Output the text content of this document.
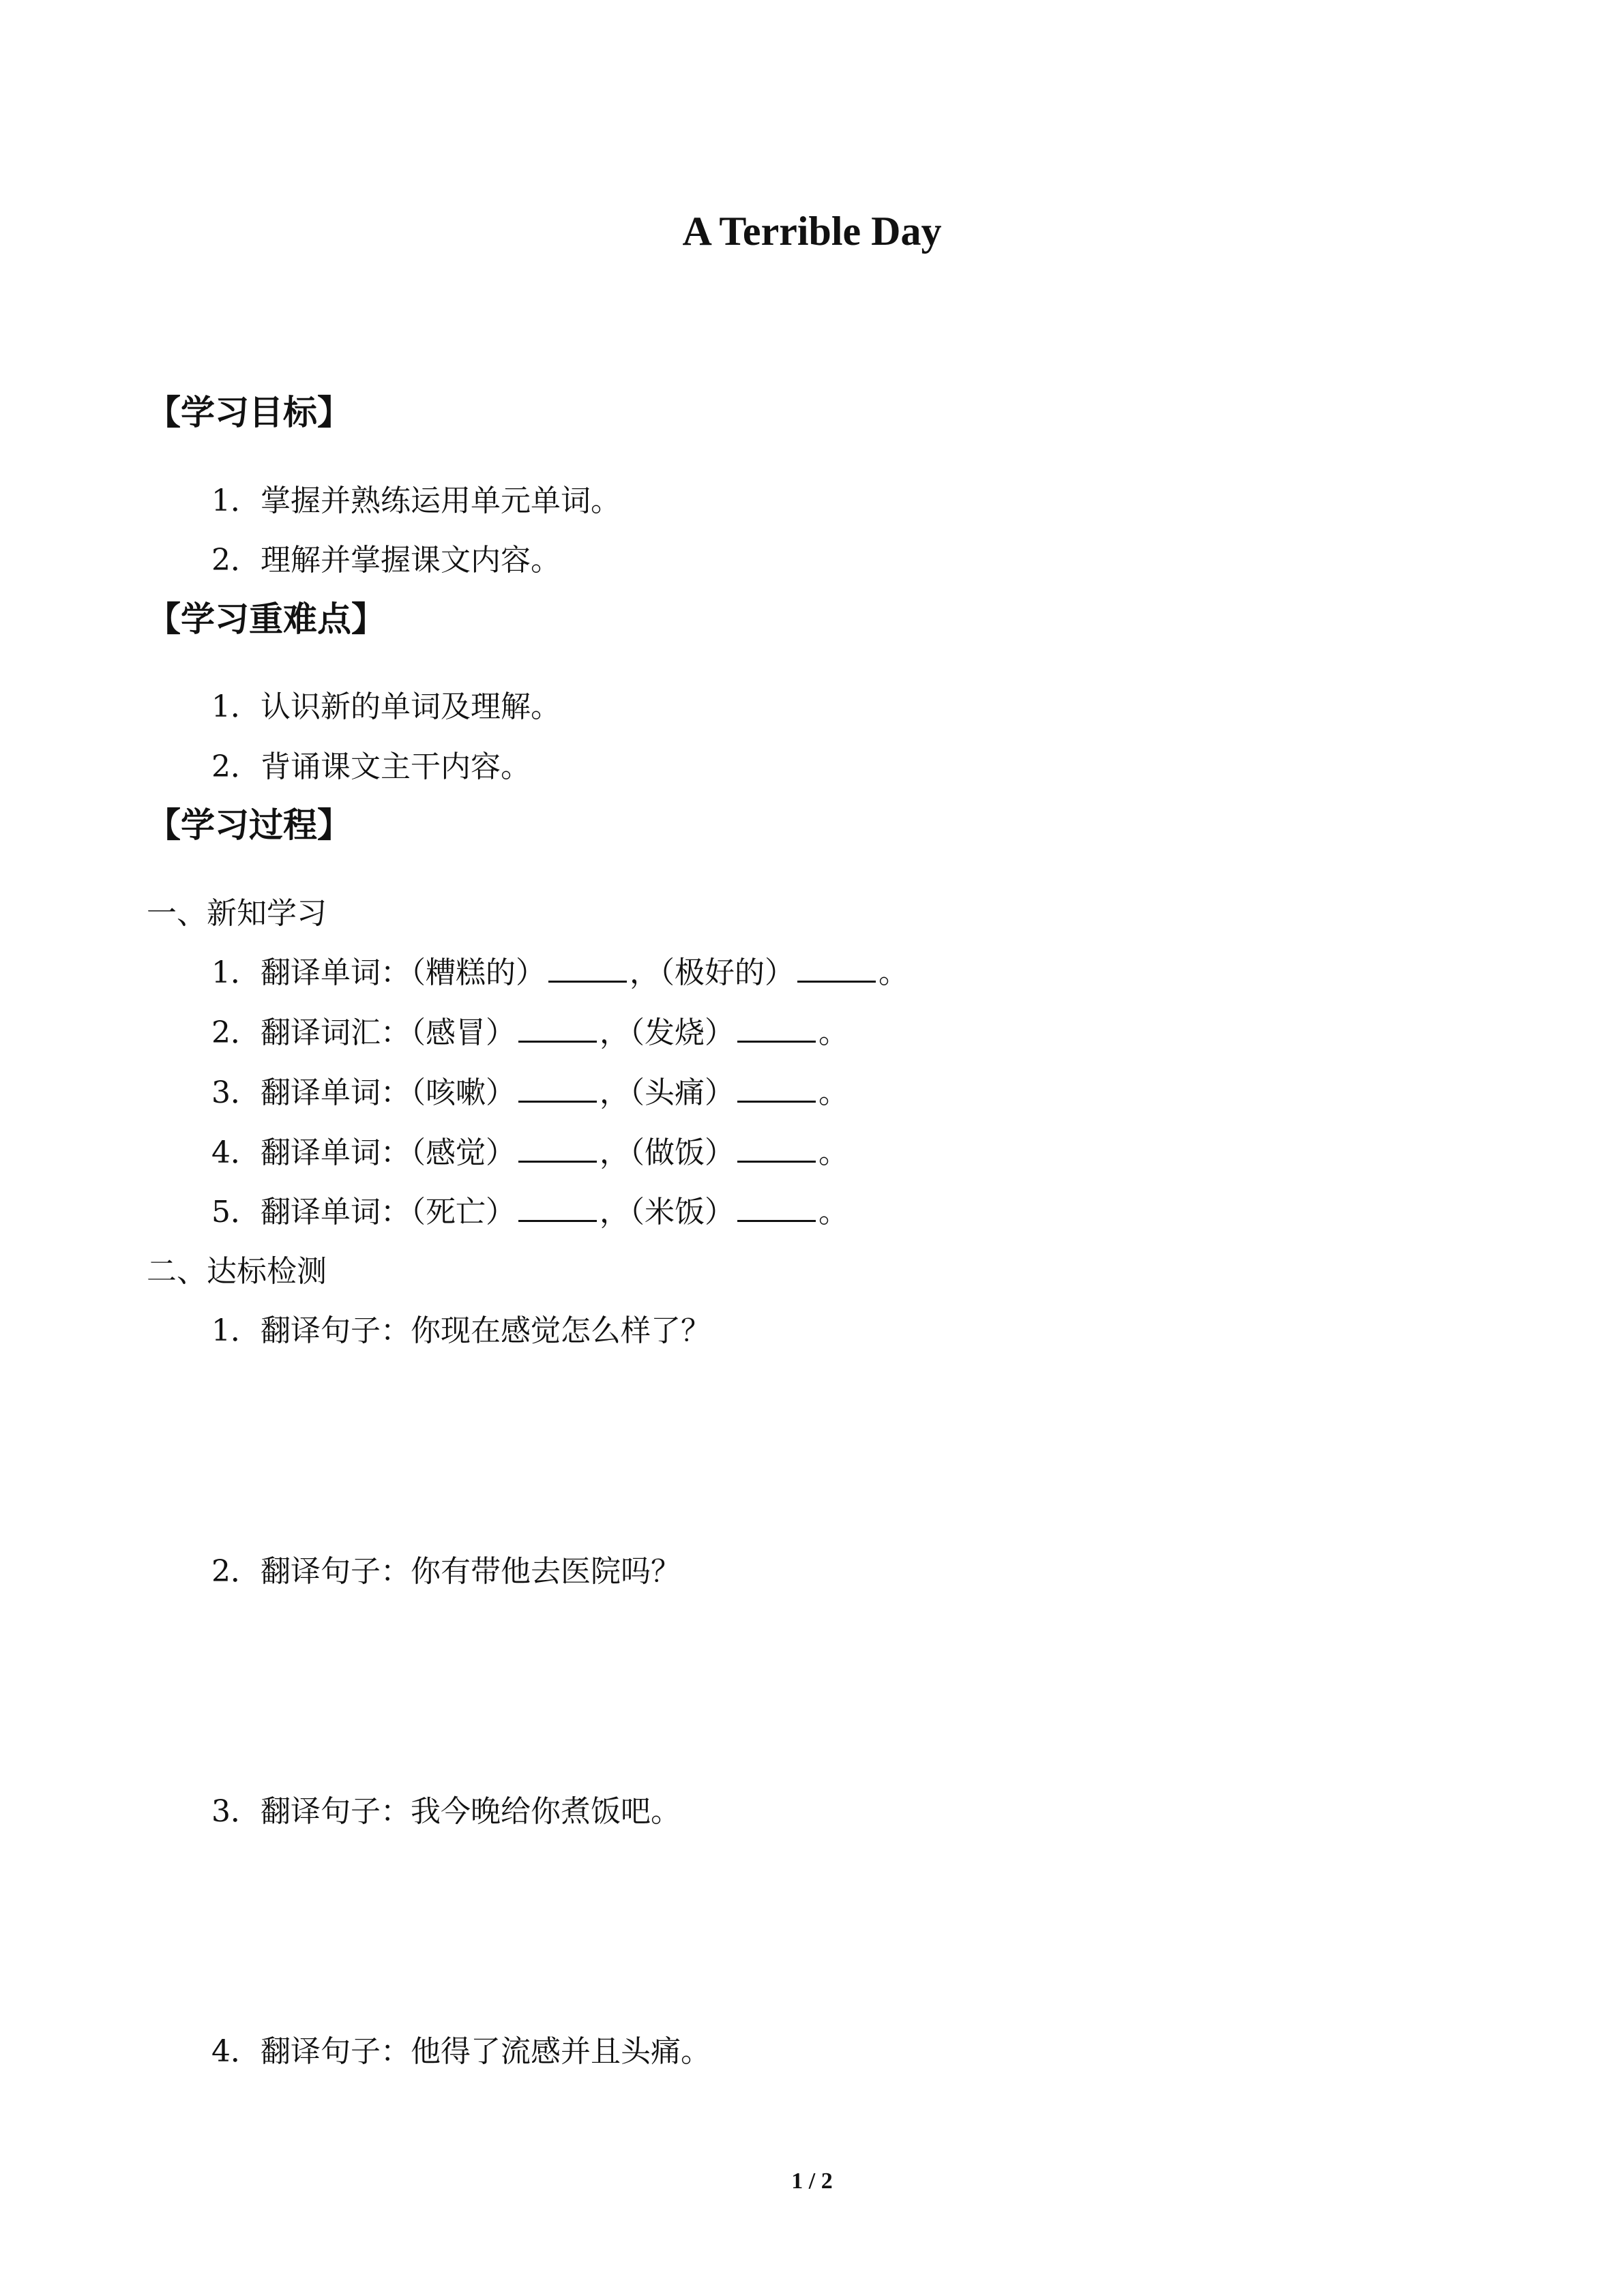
A Terrible Day
【学习目标】
1．掌握并熟练运用单元单词。
2．理解并掌握课文内容。
【学习重难点】
1．认识新的单词及理解。
2．背诵课文主干内容。
【学习过程】
一、新知学习
1．翻译单词：（糟糕的）	，（极好的）	。
2．翻译词汇：（感冒）	，（发烧）	。
3．翻译单词：（咳嗽）	，（头痛）	。
4．翻译单词：（感觉）	，（做饭）	。
5．翻译单词：（死亡）	，（米饭）	。
二、达标检测
1．翻译句子：你现在感觉怎么样了？
2．翻译句子：你有带他去医院吗？
3．翻译句子：我今晚给你煮饭吧。
4．翻译句子：他得了流感并且头痛。
1 / 2
